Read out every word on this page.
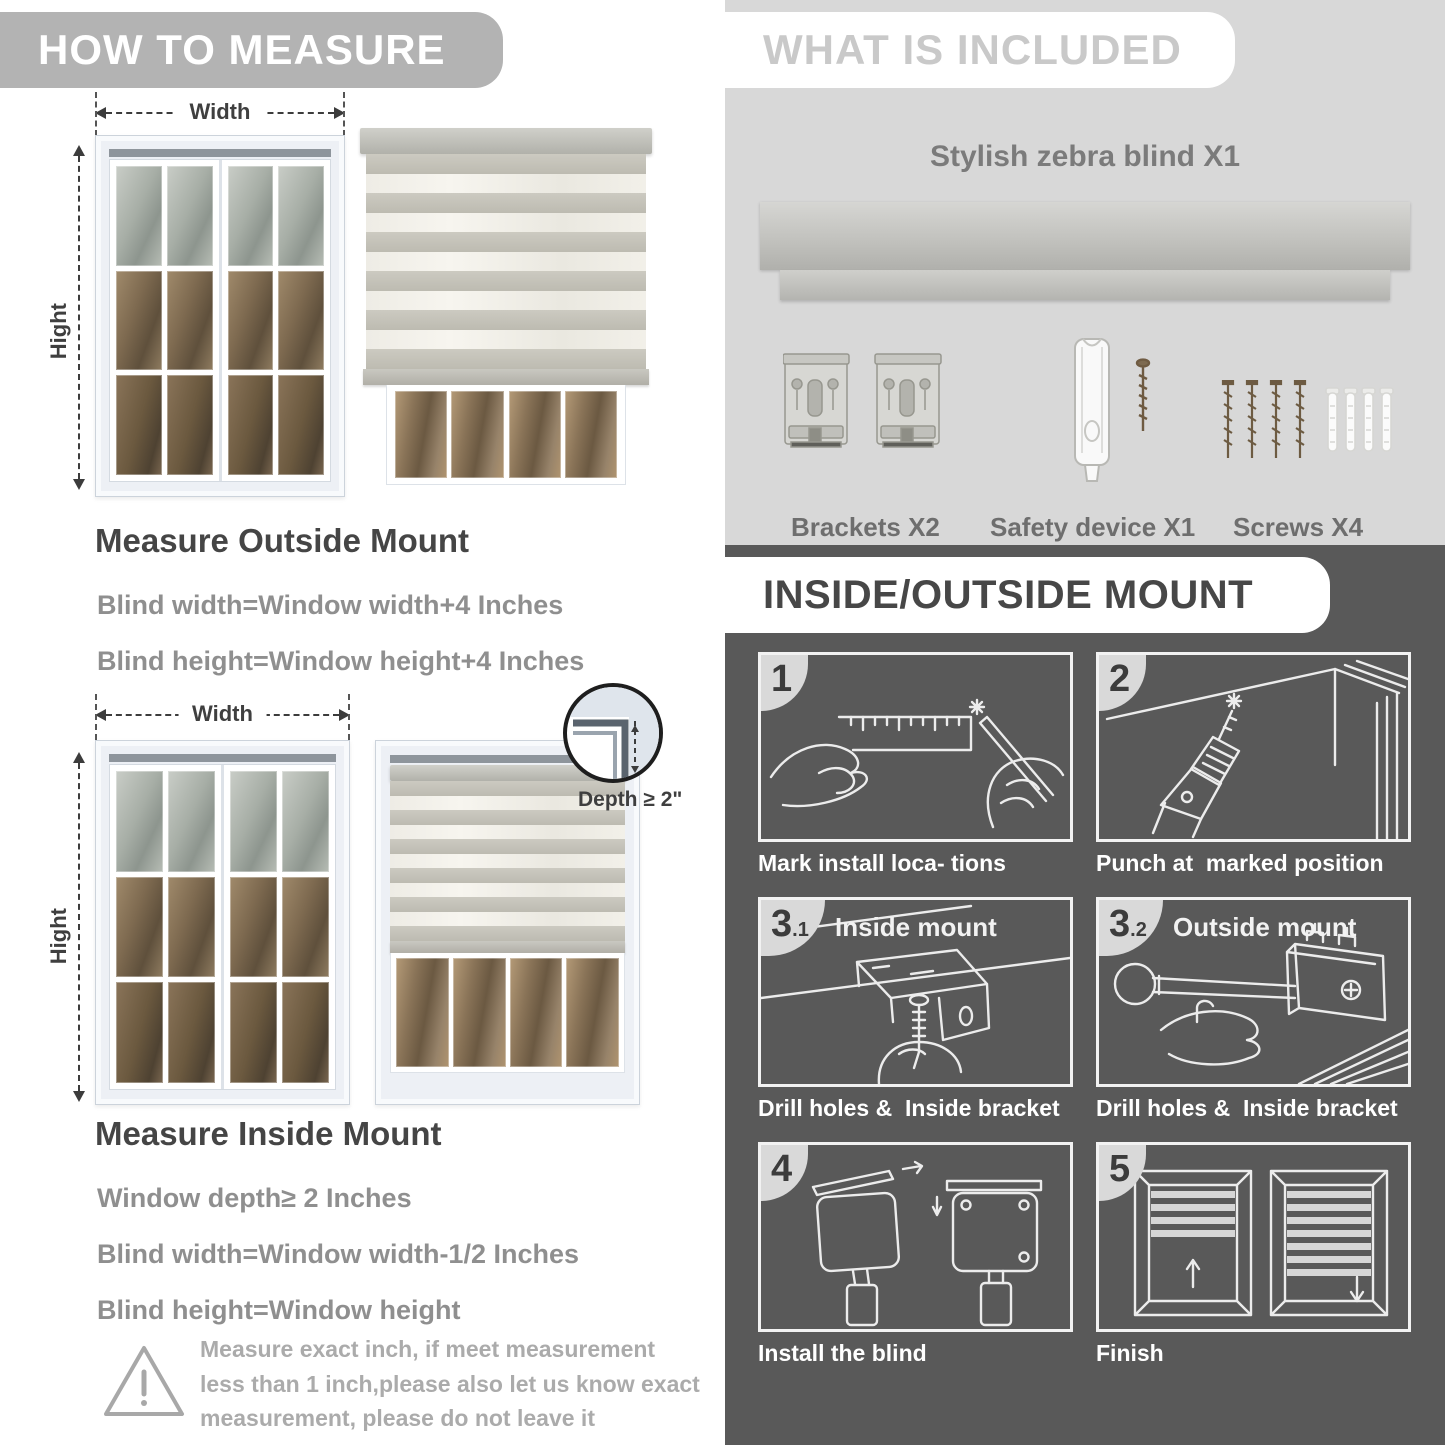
HOW TO MEASURE
Width
Hight
Measure Outside Mount
Blind width=Window width+4 Inches
Blind height=Window height+4 Inches
Width
Hight
Depth ≥ 2"
Measure Inside Mount
Window depth≥ 2 Inches
Blind width=Window width-1/2 Inches
Blind height=Window height
Measure exact inch, if meet measurement less than 1 inch,please also let us know exact measurement, please do not leave it
WHAT IS INCLUDED
Stylish zebra blind X1
Brackets X2 Safety device X1 Screws X4
INSIDE/OUTSIDE MOUNT
1
Mark install loca- tions
2
Punch at  marked position
3 .1 Inside mount
Drill holes &  Inside bracket
3 .2 Outside mount
Drill holes &  Inside bracket
4
Install the blind
5
Finish
